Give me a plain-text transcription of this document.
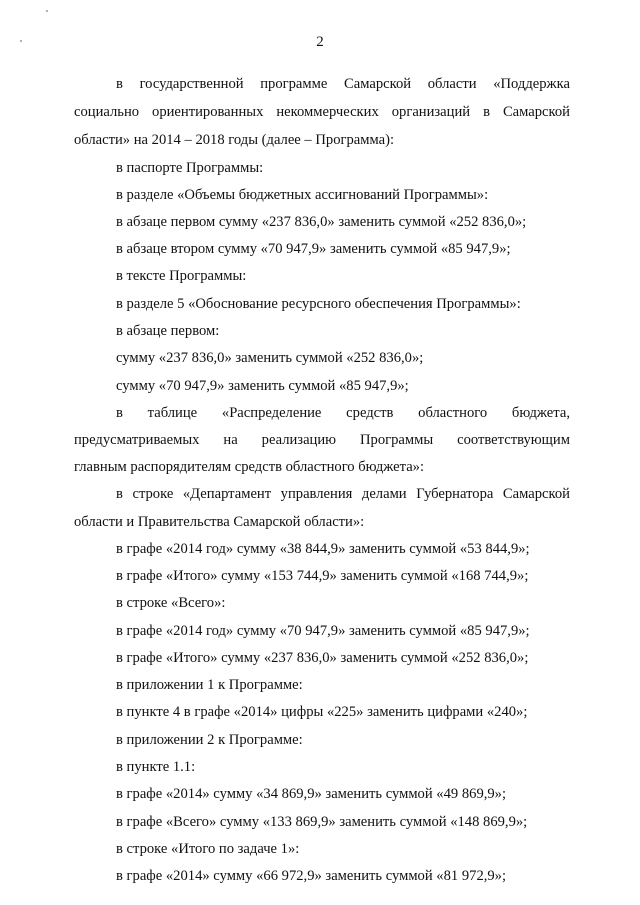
2
в государственной программе Самарской области «Поддержка
социально ориентированных некоммерческих организаций в Самарской
области» на 2014 – 2018 годы (далее – Программа):
в паспорте Программы:
в разделе «Объемы бюджетных ассигнований Программы»:
в абзаце первом сумму «237 836,0» заменить суммой «252 836,0»;
в абзаце втором сумму «70 947,9» заменить суммой «85 947,9»;
в тексте Программы:
в разделе 5 «Обоснование ресурсного обеспечения Программы»:
в абзаце первом:
сумму «237 836,0» заменить суммой «252 836,0»;
сумму «70 947,9» заменить суммой «85 947,9»;
в таблице «Распределение средств областного бюджета,
предусматриваемых на реализацию Программы соответствующим
главным распорядителям средств областного бюджета»:
в строке «Департамент управления делами Губернатора Самарской
области и Правительства Самарской области»:
в графе «2014 год» сумму «38 844,9» заменить суммой «53 844,9»;
в графе «Итого» сумму «153 744,9» заменить суммой «168 744,9»;
в строке «Всего»:
в графе «2014 год» сумму «70 947,9» заменить суммой «85 947,9»;
в графе «Итого» сумму «237 836,0» заменить суммой «252 836,0»;
в приложении 1 к Программе:
в пункте 4 в графе «2014» цифры «225» заменить цифрами «240»;
в приложении 2 к Программе:
в пункте 1.1:
в графе «2014» сумму «34 869,9» заменить суммой «49 869,9»;
в графе «Всего» сумму «133 869,9» заменить суммой «148 869,9»;
в строке «Итого по задаче 1»:
в графе «2014» сумму «66 972,9» заменить суммой «81 972,9»;
